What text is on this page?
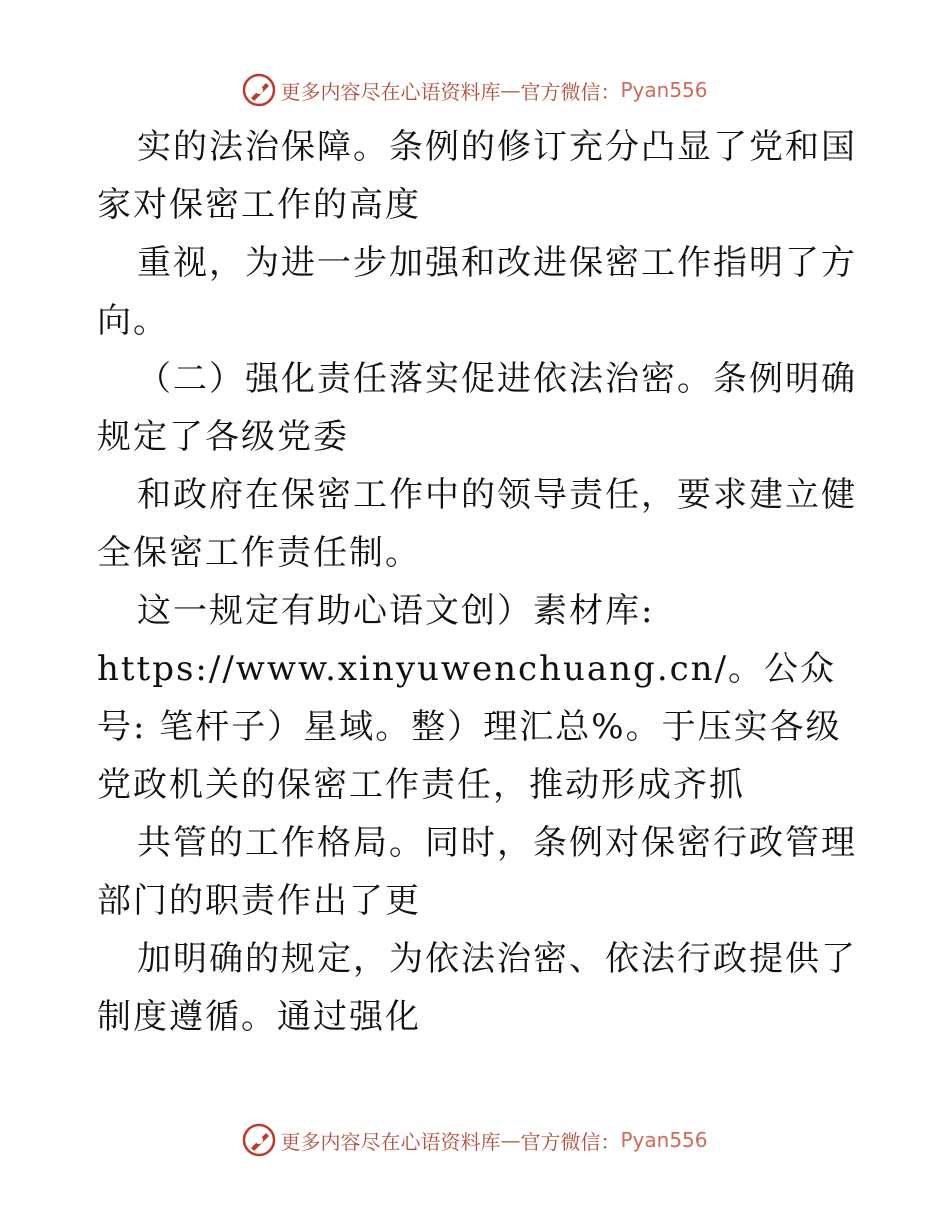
更多内容尽在心语资料库 — 官方微信： Pyan556

实的法治保障。条例的修订充分凸显了党和国家对保密工作的高度

重视，为进一步加强和改进保密工作指明了方向。

（二）强化责任落实促进依法治密。条例明确规定了各级党委

和政府在保密工作中的领导责任，要求建立健全保密工作责任制。

这一规定有助心语文创）素材库: https://www.xinyuwenchuang.cn/。公众号: 笔杆子）星域。整）理汇总%。于压实各级党政机关的保密工作责任，推动形成齐抓

共管的工作格局。同时，条例对保密行政管理部门的职责作出了更

加明确的规定，为依法治密、依法行政提供了制度遵循。通过强化

更多内容尽在心语资料库 — 官方微信： Pyan556
